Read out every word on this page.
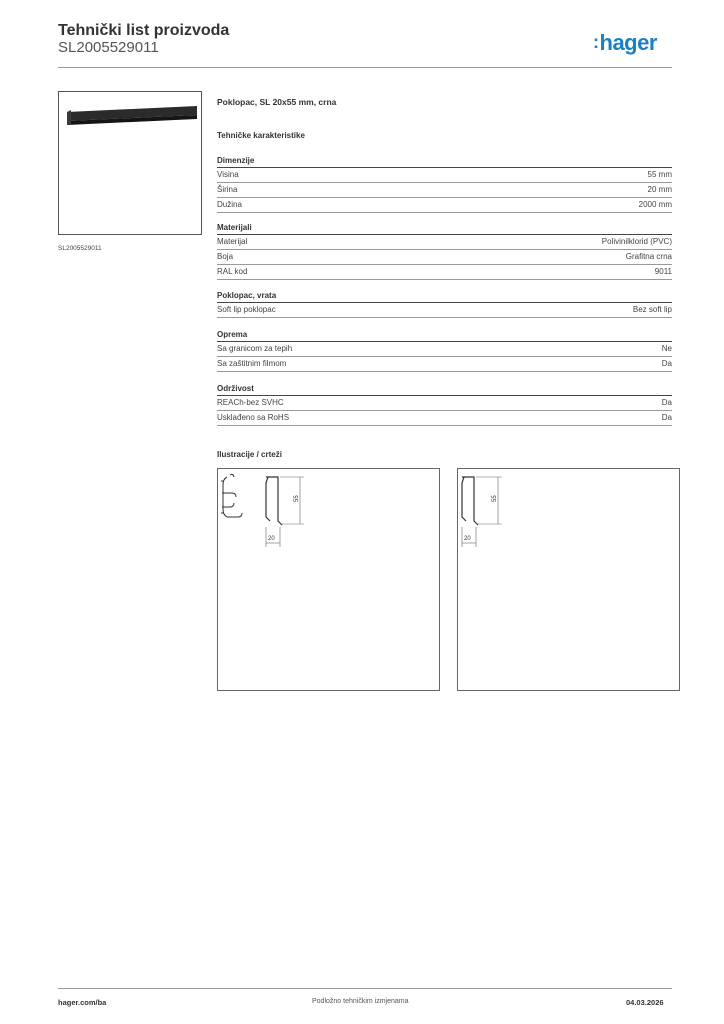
Tehnički list proizvoda
SL2005529011	:hager
SL2005529011
Poklopac, SL 20x55 mm, crna
Tehničke karakteristike
Dimenzije
Visina	55 mm
Širina	20 mm
Dužina	2000 mm
Materijali
Materijal	Polivinilklorid (PVC)
Boja	Grafitna crna
RAL kod	9011
Poklopac, vrata
Soft lip poklopac	Bez soft lip
Oprema
Sa granicom za tepih	Ne
Sa zaštitnim filmom	Da
Održivost
REACh-bez SVHC	Da
Usklađeno sa RoHS	Da
Ilustracije / crteži
55
20
55
20
hager.com/ba	Podložno tehničkim izmjenama	04.03.2026
